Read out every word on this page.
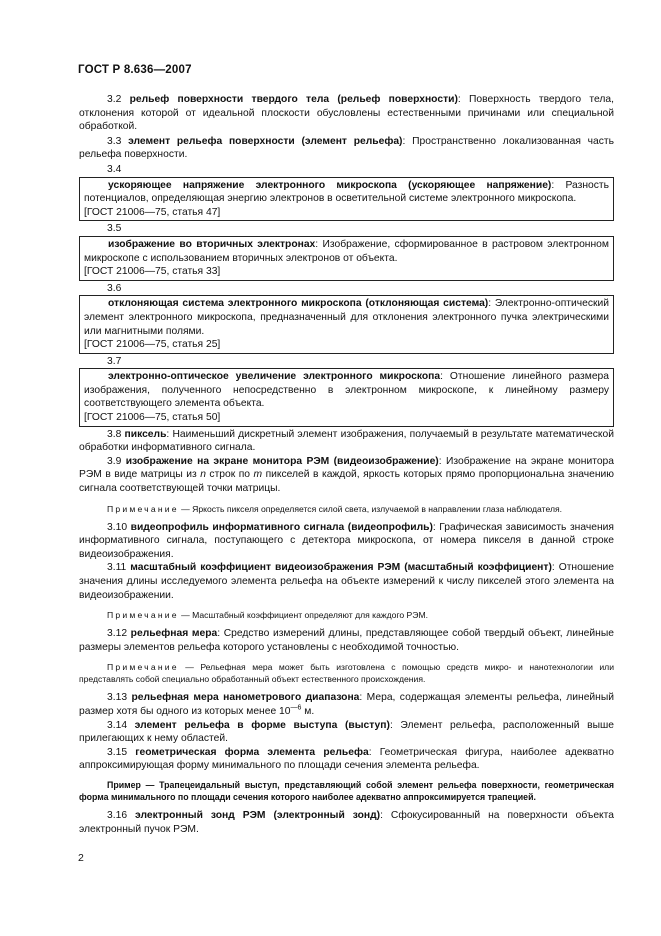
ГОСТ Р 8.636—2007

3.2 рельеф поверхности твердого тела (рельеф поверхности): Поверхность твердого тела, отклонения которой от идеальной плоскости обусловлены естественными причинами или специальной обработкой.

3.3 элемент рельефа поверхности (элемент рельефа): Пространственно локализованная часть рельефа поверхности.

3.4

ускоряющее напряжение электронного микроскопа (ускоряющее напряжение): Разность потенциалов, определяющая энергию электронов в осветительной системе электронного микроскопа.

[ГОСТ 21006—75, статья 47]
3.5

изображение во вторичных электронах: Изображение, сформированное в растровом электронном микроскопе с использованием вторичных электронов от объекта.

[ГОСТ 21006—75, статья 33]
3.6

отклоняющая система электронного микроскопа (отклоняющая система): Электронно-оптический элемент электронного микроскопа, предназначенный для отклонения электронного пучка электрическими или магнитными полями.

[ГОСТ 21006—75, статья 25]
3.7

электронно-оптическое увеличение электронного микроскопа: Отношение линейного размера изображения, полученного непосредственно в электронном микроскопе, к линейному размеру соответствующего элемента объекта.

[ГОСТ 21006—75, статья 50]

3.8 пиксель: Наименьший дискретный элемент изображения, получаемый в результате математической обработки информативного сигнала.

3.9 изображение на экране монитора РЭМ (видеоизображение): Изображение на экране монитора РЭМ в виде матрицы из n строк по m пикселей в каждой, яркость которых прямо пропорциональна значению сигнала соответствующей точки матрицы.

Примечание — Яркость пикселя определяется силой света, излучаемой в направлении глаза наблюдателя.

3.10 видеопрофиль информативного сигнала (видеопрофиль): Графическая зависимость значения информативного сигнала, поступающего с детектора микроскопа, от номера пикселя в данной строке видеоизображения.

3.11 масштабный коэффициент видеоизображения РЭМ (масштабный коэффициент): Отношение значения длины исследуемого элемента рельефа на объекте измерений к числу пикселей этого элемента на видеоизображении.

Примечание — Масштабный коэффициент определяют для каждого РЭМ.

3.12 рельефная мера: Средство измерений длины, представляющее собой твердый объект, линейные размеры элементов рельефа которого установлены с необходимой точностью.

Примечание — Рельефная мера может быть изготовлена с помощью средств микро- и нанотехнологии или представлять собой специально обработанный объект естественного происхождения.

3.13 рельефная мера нанометрового диапазона: Мера, содержащая элементы рельефа, линейный размер хотя бы одного из которых менее $10^{—6}$ м.

3.14 элемент рельефа в форме выступа (выступ): Элемент рельефа, расположенный выше прилегающих к нему областей.

3.15 геометрическая форма элемента рельефа: Геометрическая фигура, наиболее адекватно аппроксимирующая форму минимального по площади сечения элемента рельефа.

Пример — Трапецеидальный выступ, представляющий собой элемент рельефа поверхности, геометрическая форма минимального по площади сечения которого наиболее адекватно аппроксимируется трапецией.

3.16 электронный зонд РЭМ (электронный зонд): Сфокусированный на поверхности объекта электронный пучок РЭМ.

2
